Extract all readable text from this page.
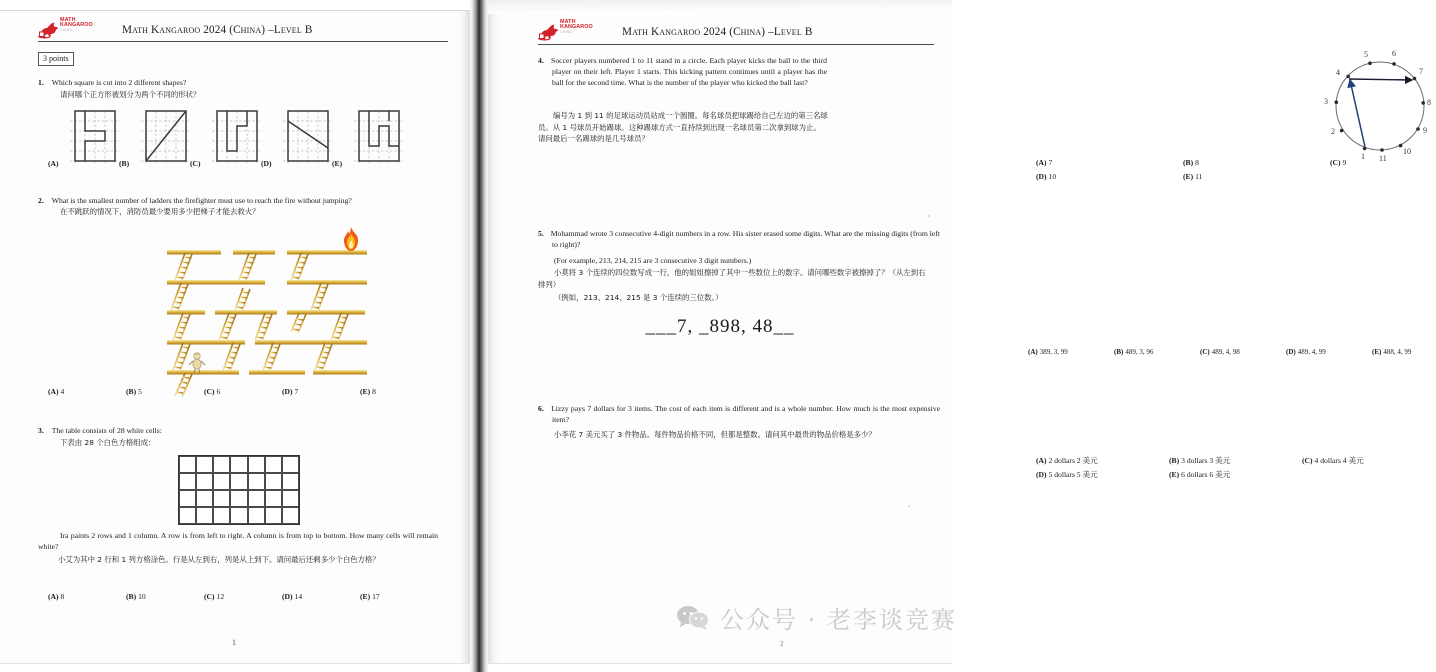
MATH
KANGAROO
CHINA	Math Kangaroo 2024 (China) –Level B
3 points
1. Which square is cut into 2 different shapes?
请问哪个正方形被划分为两个不同的形状？
(A)	(B)	(C)	(D)	(E)
2. What is the smallest number of ladders the firefighter must use to reach the fire without jumping?
在不跳跃的情况下，消防员最少要用多少把梯子才能去救火？
(A) 4	(B) 5	(C) 6	(D) 7	(E) 8
3. The table consists of 28 white cells:
下表由 28 个白色方格组成：
Ira paints 2 rows and 1 column. A row is from left to right. A column is from top to bottom. How many cells will remain white?
小艾为其中 2 行和 1 列方格涂色。行是从左到右，列是从上到下。请问最后还剩多少个白色方格？
(A) 8	(B) 10	(C) 12	(D) 14	(E) 17
1
MATH
KANGAROO
CHINA	Math Kangaroo 2024 (China) –Level B
4. Soccer players numbered 1 to 11 stand in a circle. Each player kicks the ball to the third player on their left. Player 1 starts. This kicking pattern continues until a player has the ball for the second time. What is the number of the player who kicked the ball last?
编号为 1 到 11 的足球运动员站成一个圆圈。每名球员把球踢给自己左边的第三名球员。从 1 号球员开始踢球。这种踢球方式一直持续到出现一名球员第二次拿到球为止。请问最后一名踢球的是几号球员？
1
2
3
4
5	6
7
8
9
10
11
(A) 7	(B) 8	(C) 9
(D) 10	(E) 11
5. Mohammad wrote 3 consecutive 4-digit numbers in a row. His sister erased some digits. What are the missing digits (from left to right)?
(For example, 213, 214, 215 are 3 consecutive 3 digit numbers.)
小莫将 3 个连续的四位数写成一行，他的姐姐擦掉了其中一些数位上的数字。请问哪些数字被擦掉了？（从左到右排列）
（例如，213、214、215 是 3 个连续的三位数。）
___7, _898, 48__
(A) 389, 3, 99	(B) 489, 3, 96	(C) 489, 4, 98	(D) 489, 4, 99	(E) 488, 4, 99
6. Lizzy pays 7 dollars for 3 items. The cost of each item is different and is a whole number. How much is the most expensive item?
小李花 7 美元买了 3 件物品。每件物品价格不同，但都是整数。请问其中最贵的物品价格是多少？
(A) 2 dollars 2 美元	(B) 3 dollars 3 美元	(C) 4 dollars 4 美元
(D) 5 dollars 5 美元	(E) 6 dollars 6 美元
公众号 · 老李谈竞赛
2
